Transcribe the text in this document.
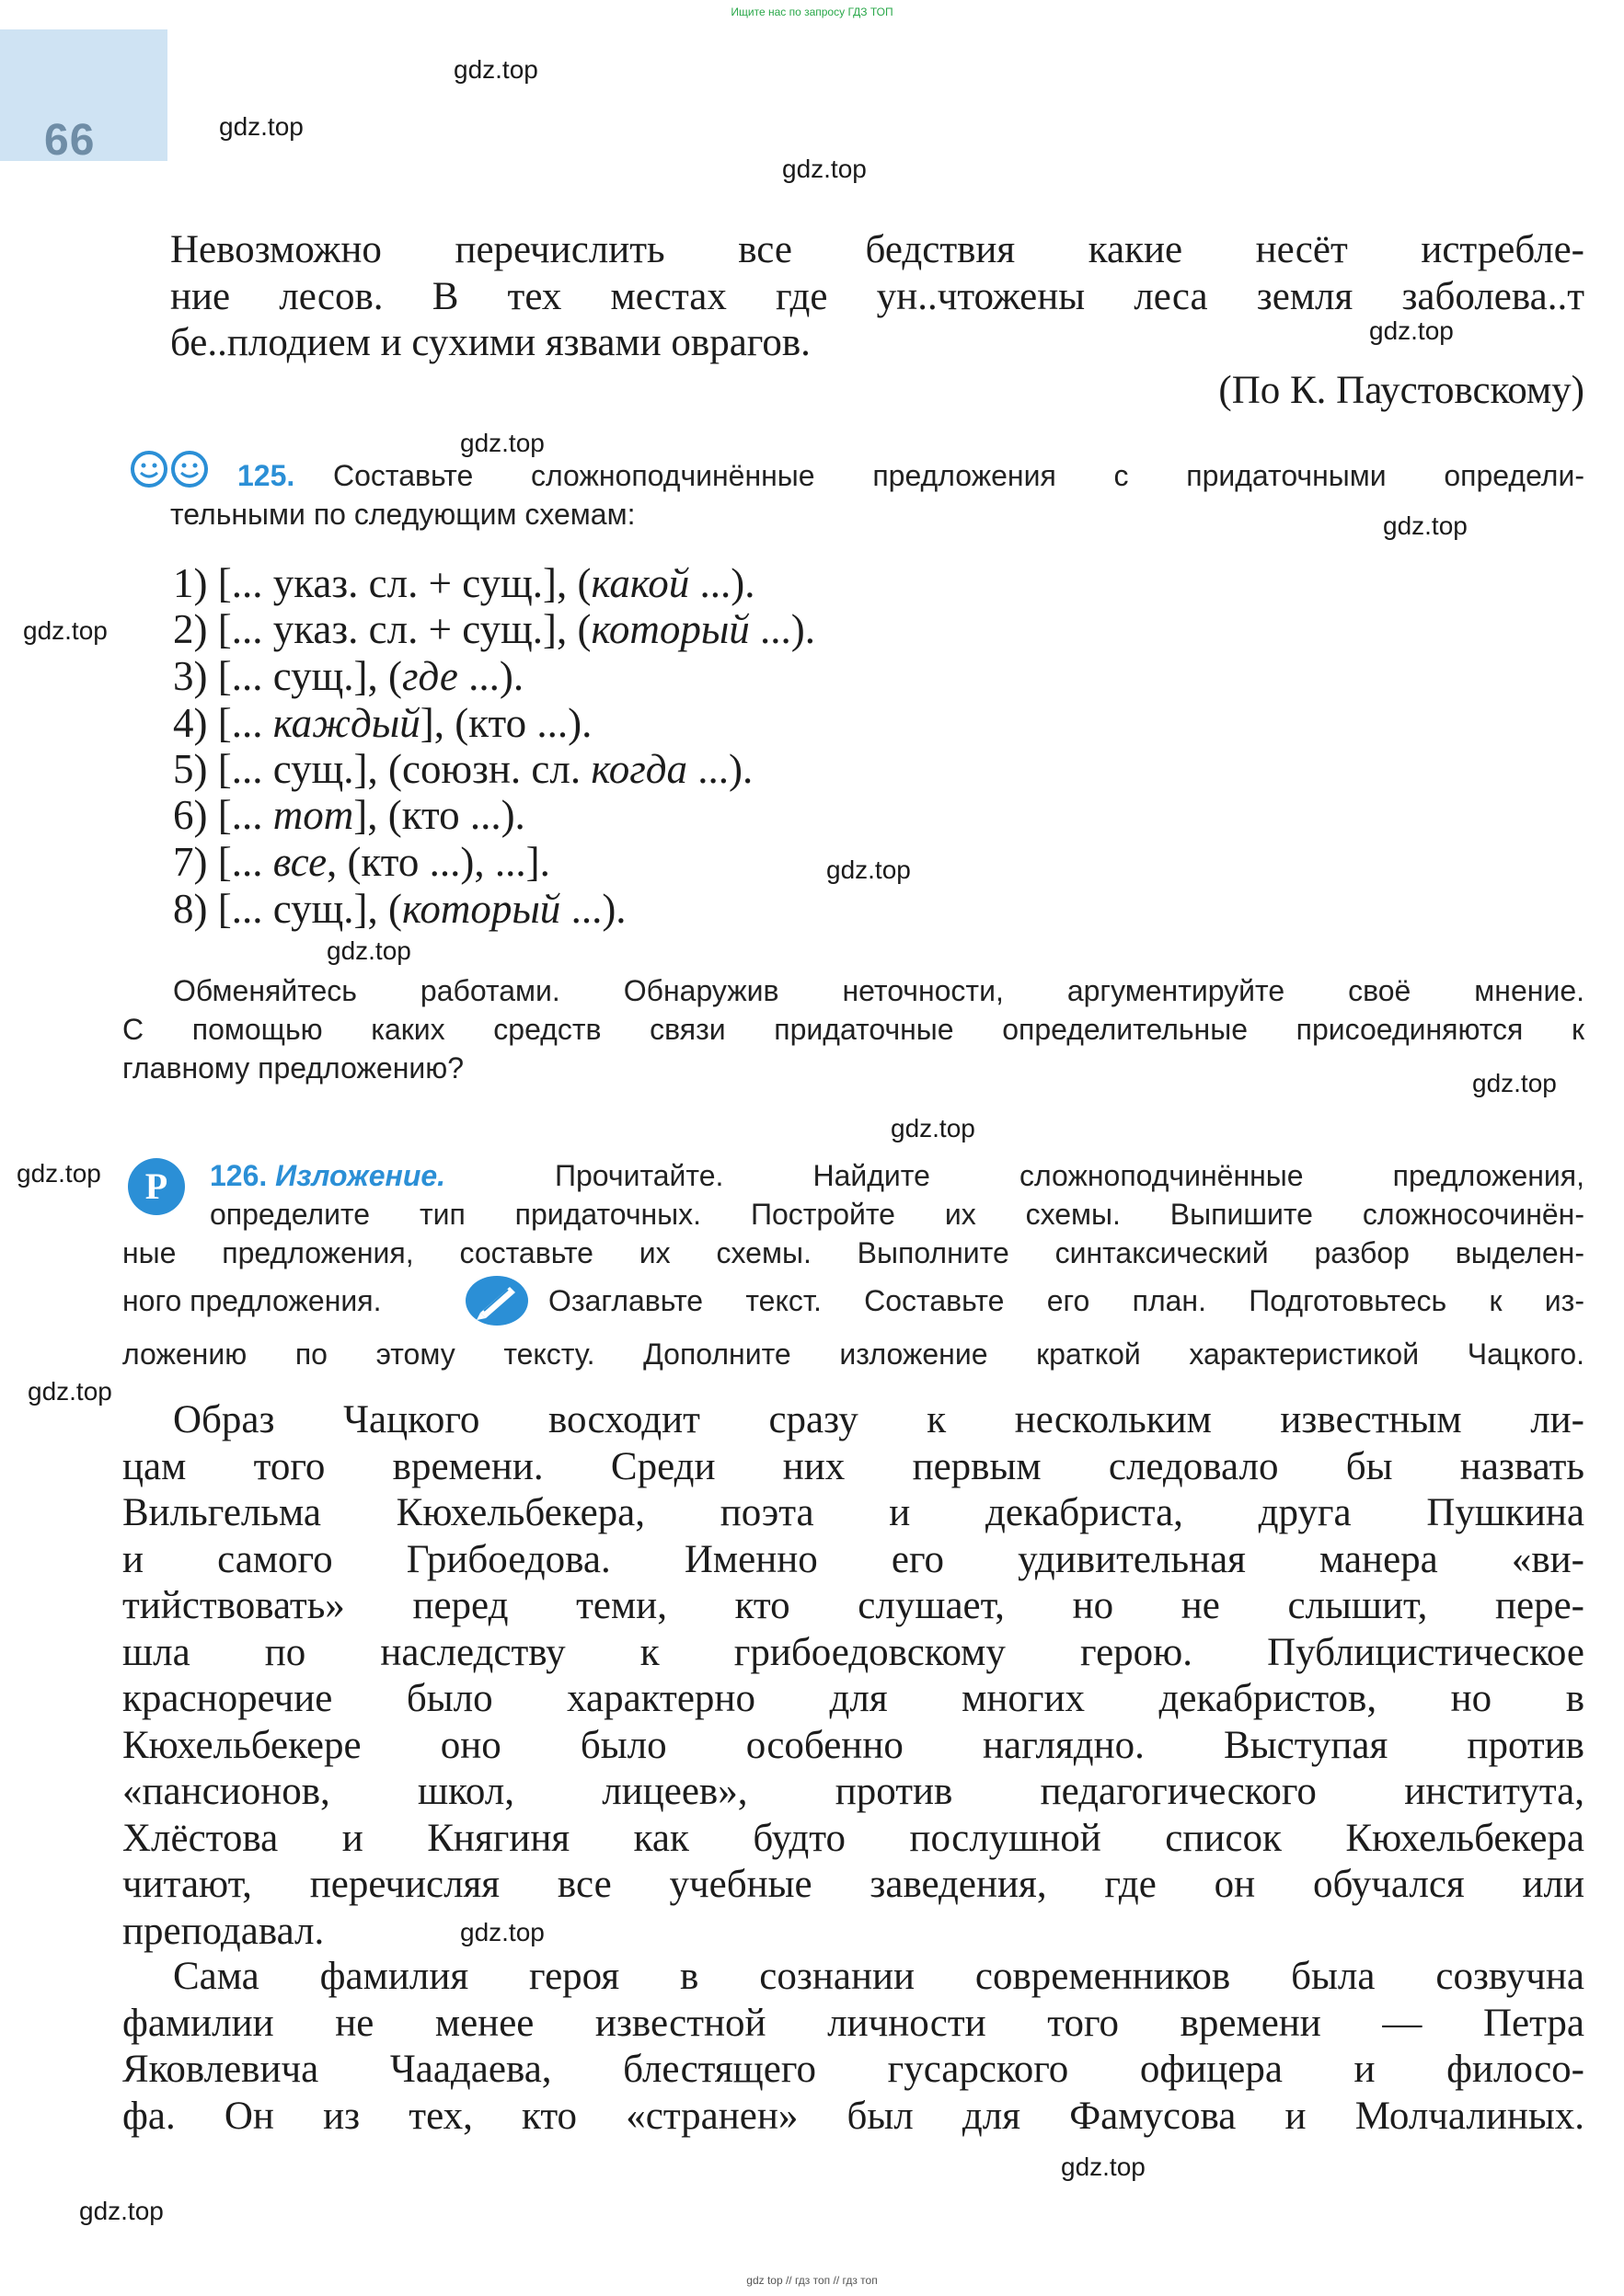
Ищите нас по запросу ГДЗ ТОП
66
gdz.top
gdz.top
gdz.top
gdz.top
gdz.top
gdz.top
gdz.top
gdz.top
gdz.top
gdz.top
gdz.top
gdz.top
gdz.top
gdz.top
gdz.top
gdz.top
Невозможно перечислить все бедствия какие несёт истребле-
ние лесов. В тех местах где ун..чтожены леса земля заболева..т
бе..плодием и сухими язвами оврагов.
(По К. Паустовскому)
125. Составьте сложноподчинённые предложения с придаточными определи-
тельными по следующим схемам:
1) [... указ. сл. + сущ.], (какой ...).
2) [... указ. сл. + сущ.], (который ...).
3) [... сущ.], (где ...).
4) [... каждый], (кто ...).
5) [... сущ.], (союзн. сл. когда ...).
6) [... тот], (кто ...).
7) [... все, (кто ...), ...].
8) [... сущ.], (который ...).
Обменяйтесь работами. Обнаружив неточности, аргументируйте своё мнение.
С помощью каких средств связи придаточные определительные присоединяются к
главному предложению?
Р	126. Изложение.	Прочитайте. Найдите сложноподчинённые предложения,
определите тип придаточных. Постройте их схемы. Выпишите сложносочинён-
ные предложения, составьте их схемы. Выполните синтаксический разбор выделен-
ного предложения.	Озаглавьте текст. Составьте его план. Подготовьтесь к из-
ложению по этому тексту. Дополните изложение краткой характеристикой Чацкого.
Образ Чацкого восходит сразу к нескольким известным ли-
цам того времени. Среди них первым следовало бы назвать
Вильгельма Кюхельбекера, поэта и декабриста, друга Пушкина
и самого Грибоедова. Именно его удивительная манера «ви-
тийствовать» перед теми, кто слушает, но не слышит, пере-
шла по наследству к грибоедовскому герою. Публицистическое
красноречие было характерно для многих декабристов, но в
Кюхельбекере оно было особенно наглядно. Выступая против
«пансионов, школ, лицеев», против педагогического института,
Хлёстова и Княгиня как будто послушной список Кюхельбекера
читают, перечисляя все учебные заведения, где он обучался или
преподавал.
Сама фамилия героя в сознании современников была созвучна
фамилии не менее известной личности того времени — Петра
Яковлевича Чаадаева, блестящего гусарского офицера и филосо-
фа. Он из тех, кто «странен» был для Фамусова и Молчалиных.
gdz top // гдз топ // гдз топ
